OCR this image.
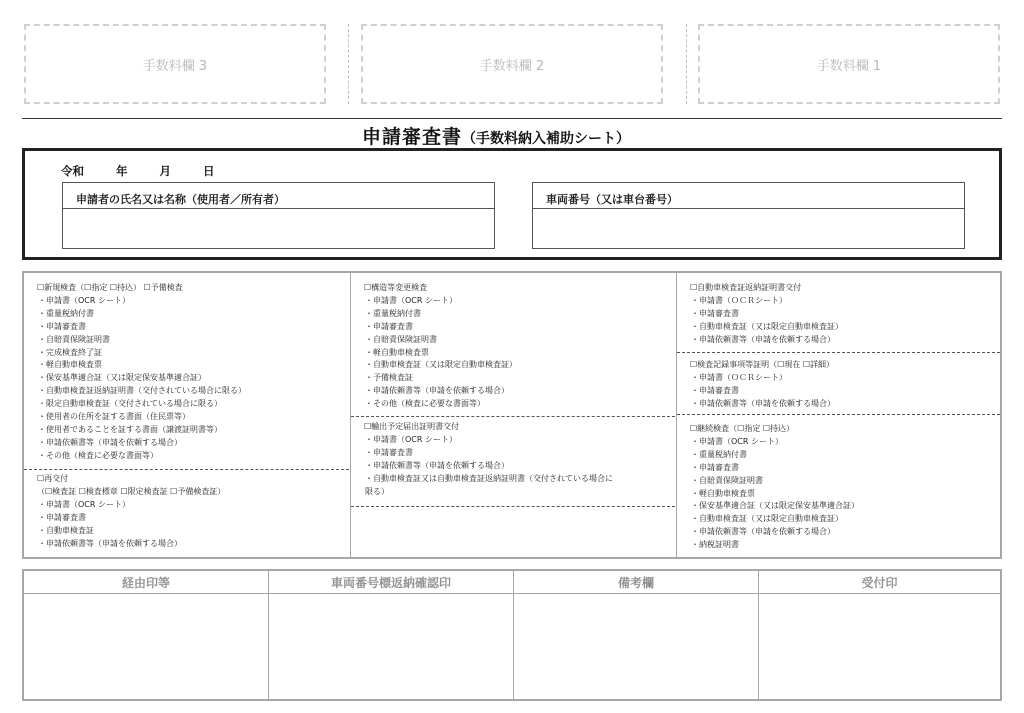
手数料欄 3	手数料欄 2	手数料欄 1
申請審査書（手数料納入補助シート）
令和	年	月	日
申請者の氏名又は名称（使用者／所有者）	車両番号（又は車台番号）
☐新規検査（☐指定 ☐持込） ☐予備検査
・申請書（OCR シート）
・重量税納付書
・申請審査書
・自賠責保険証明書
・完成検査終了証
・軽自動車検査票
・保安基準適合証（又は限定保安基準適合証）
・自動車検査証返納証明書（交付されている場合に限る）
・限定自動車検査証（交付されている場合に限る）
・使用者の住所を証する書面（住民票等）
・使用者であることを証する書面（譲渡証明書等）
・申請依頼書等（申請を依頼する場合）
・その他（検査に必要な書面等）
☐再交付
（☐検査証 ☐検査標章 ☐限定検査証 ☐予備検査証）
・申請書（OCR シート）
・申請審査書
・自動車検査証
・申請依頼書等（申請を依頼する場合）
☐構造等変更検査
・申請書（OCR シート）
・重量税納付書
・申請審査書
・自賠責保険証明書
・軽自動車検査票
・自動車検査証（又は限定自動車検査証）
・予備検査証
・申請依頼書等（申請を依頼する場合）
・その他（検査に必要な書面等）
☐輸出予定届出証明書交付
・申請書（OCR シート）
・申請審査書
・申請依頼書等（申請を依頼する場合）
・自動車検査証又は自動車検査証返納証明書（交付されている場合に
限る）
☐自動車検査証返納証明書交付
・申請書（ＯＣＲシート）
・申請審査書
・自動車検査証（又は限定自動車検査証）
・申請依頼書等（申請を依頼する場合）
☐検査記録事項等証明（☐現在 ☐詳細）
・申請書（ＯＣＲシート）
・申請審査書
・申請依頼書等（申請を依頼する場合）
☐継続検査（☐指定 ☐持込）
・申請書（OCR シート）
・重量税納付書
・申請審査書
・自賠責保険証明書
・軽自動車検査票
・保安基準適合証（又は限定保安基準適合証）
・自動車検査証（又は限定自動車検査証）
・申請依頼書等（申請を依頼する場合）
・納税証明書
経由印等	車両番号標返納確認印	備考欄	受付印
